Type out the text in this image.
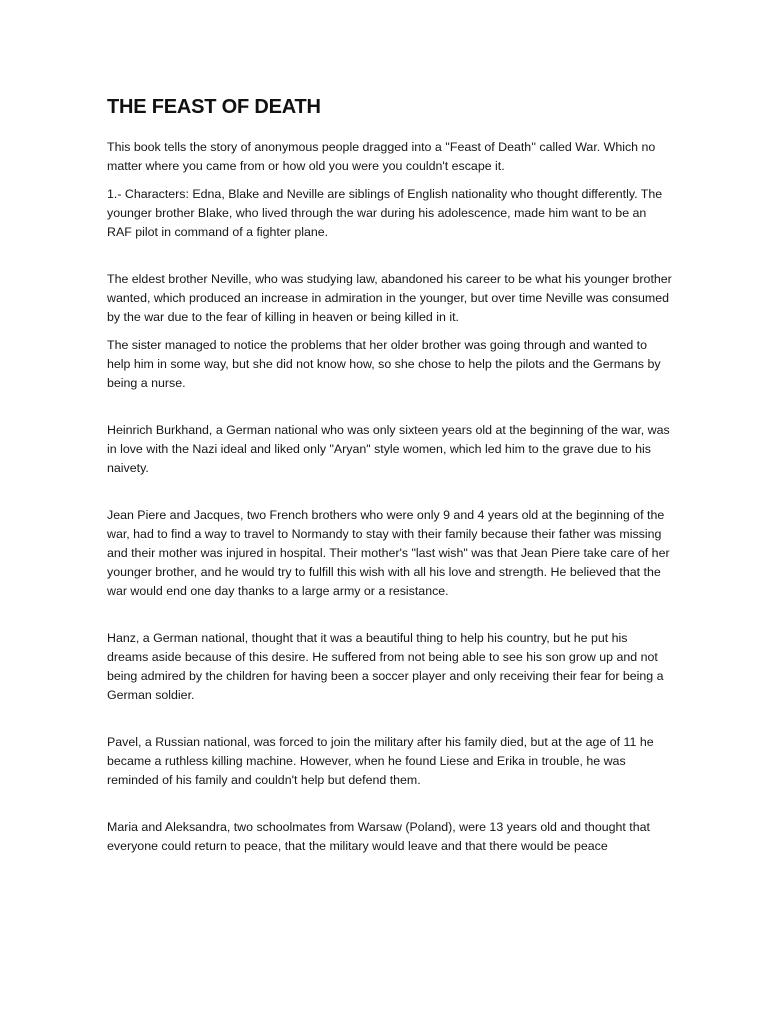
THE FEAST OF DEATH

This book tells the story of anonymous people dragged into a ''Feast of Death'' called War. Which no matter where you came from or how old you were you couldn't escape it.

1.- Characters: Edna, Blake and Neville are siblings of English nationality who thought differently. The younger brother Blake, who lived through the war during his adolescence, made him want to be an RAF pilot in command of a fighter plane.

The eldest brother Neville, who was studying law, abandoned his career to be what his younger brother wanted, which produced an increase in admiration in the younger, but over time Neville was consumed by the war due to the fear of killing in heaven or being killed in it.

The sister managed to notice the problems that her older brother was going through and wanted to help him in some way, but she did not know how, so she chose to help the pilots and the Germans by being a nurse.

Heinrich Burkhand, a German national who was only sixteen years old at the beginning of the war, was in love with the Nazi ideal and liked only "Aryan" style women, which led him to the grave due to his naivety.

Jean Piere and Jacques, two French brothers who were only 9 and 4 years old at the beginning of the war, had to find a way to travel to Normandy to stay with their family because their father was missing and their mother was injured in hospital. Their mother's "last wish" was that Jean Piere take care of her younger brother, and he would try to fulfill this wish with all his love and strength. He believed that the war would end one day thanks to a large army or a resistance.

Hanz, a German national, thought that it was a beautiful thing to help his country, but he put his dreams aside because of this desire. He suffered from not being able to see his son grow up and not being admired by the children for having been a soccer player and only receiving their fear for being a German soldier.

Pavel, a Russian national, was forced to join the military after his family died, but at the age of 11 he became a ruthless killing machine. However, when he found Liese and Erika in trouble, he was reminded of his family and couldn't help but defend them.

Maria and Aleksandra, two schoolmates from Warsaw (Poland), were 13 years old and thought that everyone could return to peace, that the military would leave and that there would be peace
